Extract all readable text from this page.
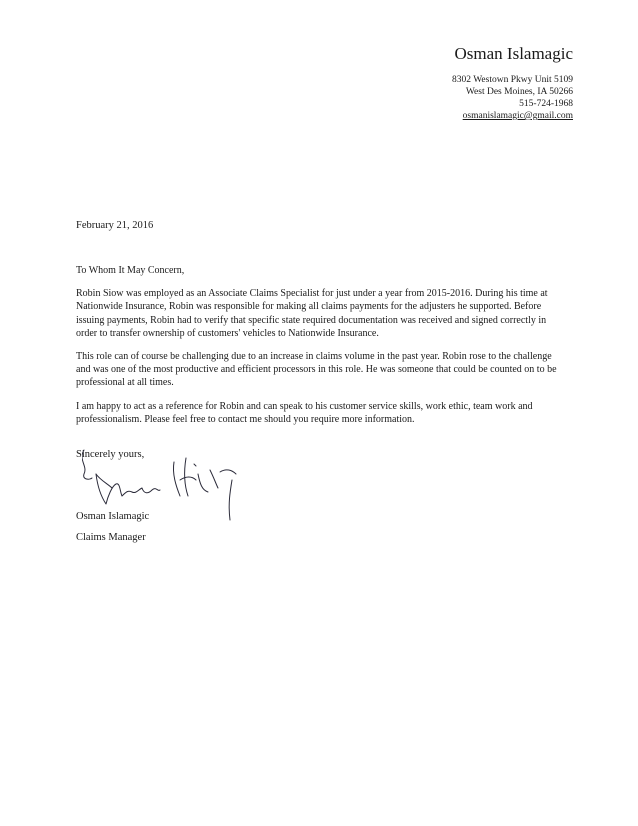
Osman Islamagic
8302 Westown Pkwy Unit 5109
West Des Moines, IA 50266
515-724-1968
osmanislamagic@gmail.com
February 21, 2016

To Whom It May Concern,

Robin Siow was employed as an Associate Claims Specialist for just under a year from 2015-2016. During his time at Nationwide Insurance, Robin was responsible for making all claims payments for the adjusters he supported. Before issuing payments, Robin had to verify that specific state required documentation was received and signed correctly in order to transfer ownership of customers' vehicles to Nationwide Insurance.

This role can of course be challenging due to an increase in claims volume in the past year. Robin rose to the challenge and was one of the most productive and efficient processors in this role. He was someone that could be counted on to be professional at all times.

I am happy to act as a reference for Robin and can speak to his customer service skills, work ethic, team work and professionalism. Please feel free to contact me should you require more information.

Sincerely yours,
Osman Islamagic
Claims Manager
